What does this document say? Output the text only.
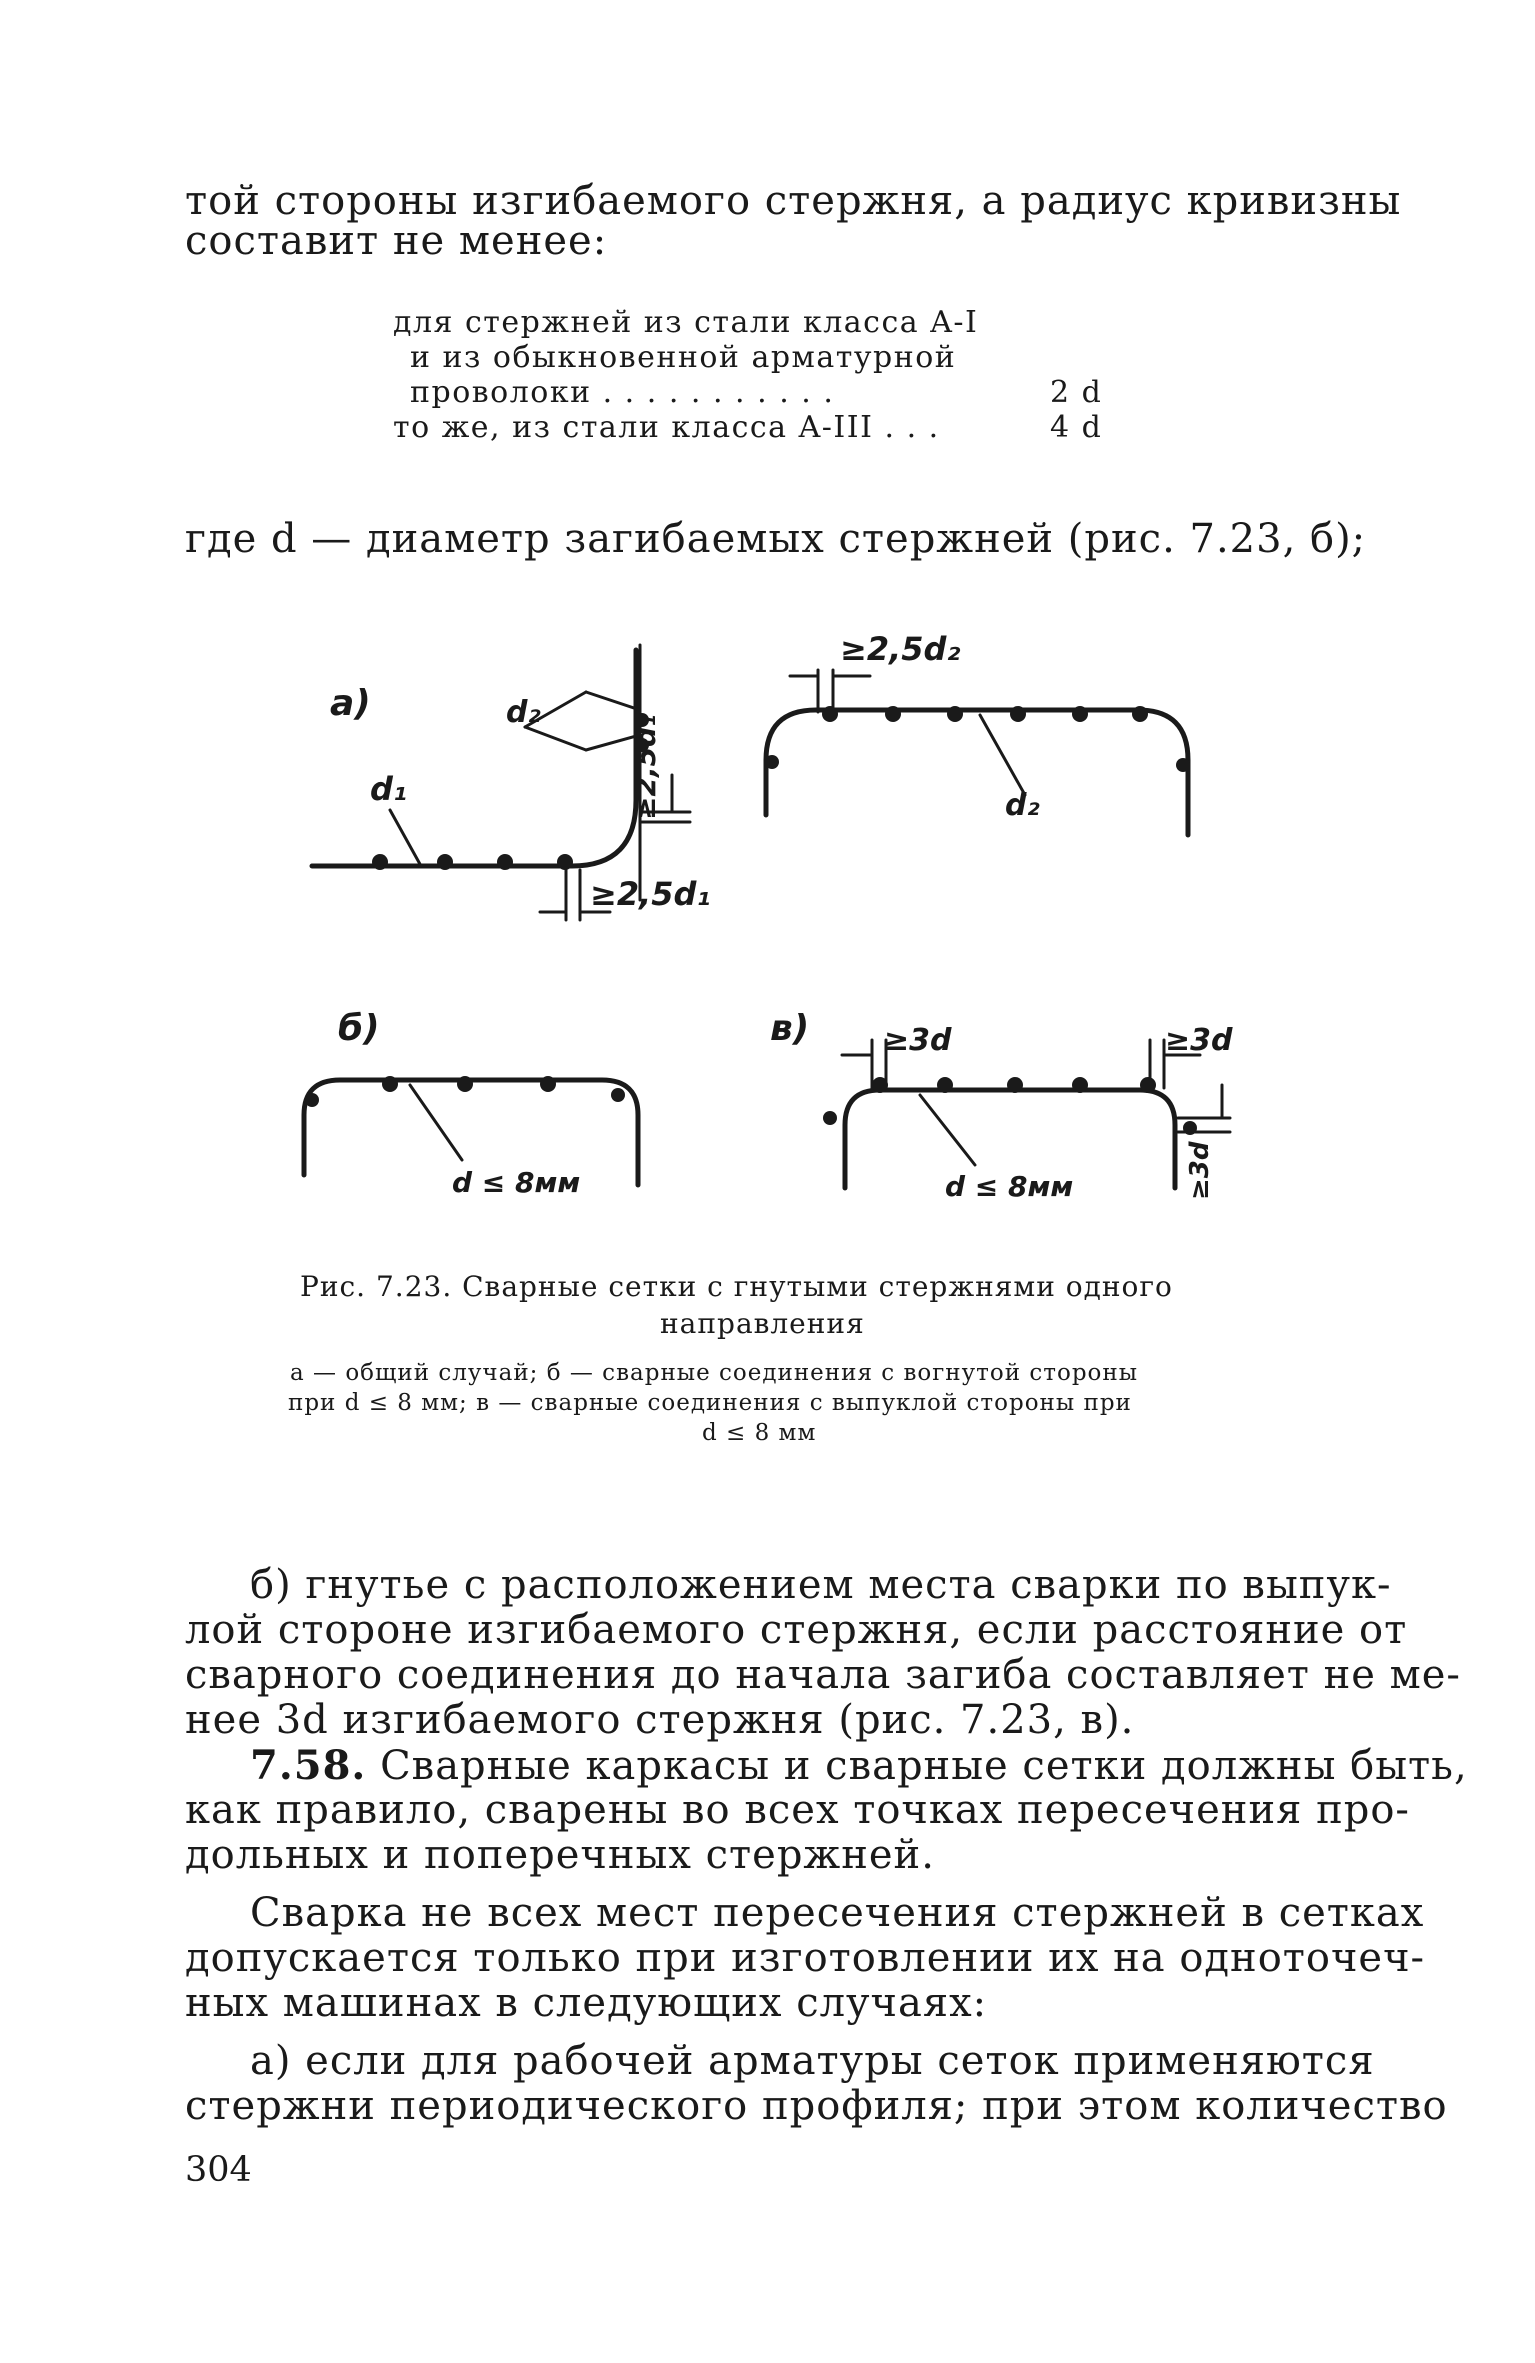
той стороны изгибаемого стержня, а радиус кривизны
составит не менее:
для стержней из стали класса A-I
и из обыкновенной арматурной
проволоки . . . . . . . . . . .	2 d
то же, из стали класса A-III . . .	4 d
где d — диаметр загибаемых стержней (рис. 7.23, б);
а)
d₁
d₂
≥2,5d₁
≥2,5d₁
≥2,5d₂
d₂
б)
d ≤ 8мм
в)
d ≤ 8мм
≥3d	≥3d
≥3d
Рис. 7.23. Сварные сетки с гнутыми стержнями одного
направления
а — общий случай; б — сварные соединения с вогнутой стороны
при d ≤ 8 мм; в — сварные соединения с выпуклой стороны при
d ≤ 8 мм
б) гнутье с расположением места сварки по выпук-
лой стороне изгибаемого стержня, если расстояние от
сварного соединения до начала загиба составляет не ме-
нее 3d изгибаемого стержня (рис. 7.23, в).
7.58. Сварные каркасы и сварные сетки должны быть,
как правило, сварены во всех точках пересечения про-
дольных и поперечных стержней.
Сварка не всех мест пересечения стержней в сетках
допускается только при изготовлении их на одноточеч-
ных машинах в следующих случаях:
а) если для рабочей арматуры сеток применяются
стержни периодического профиля; при этом количество
304
